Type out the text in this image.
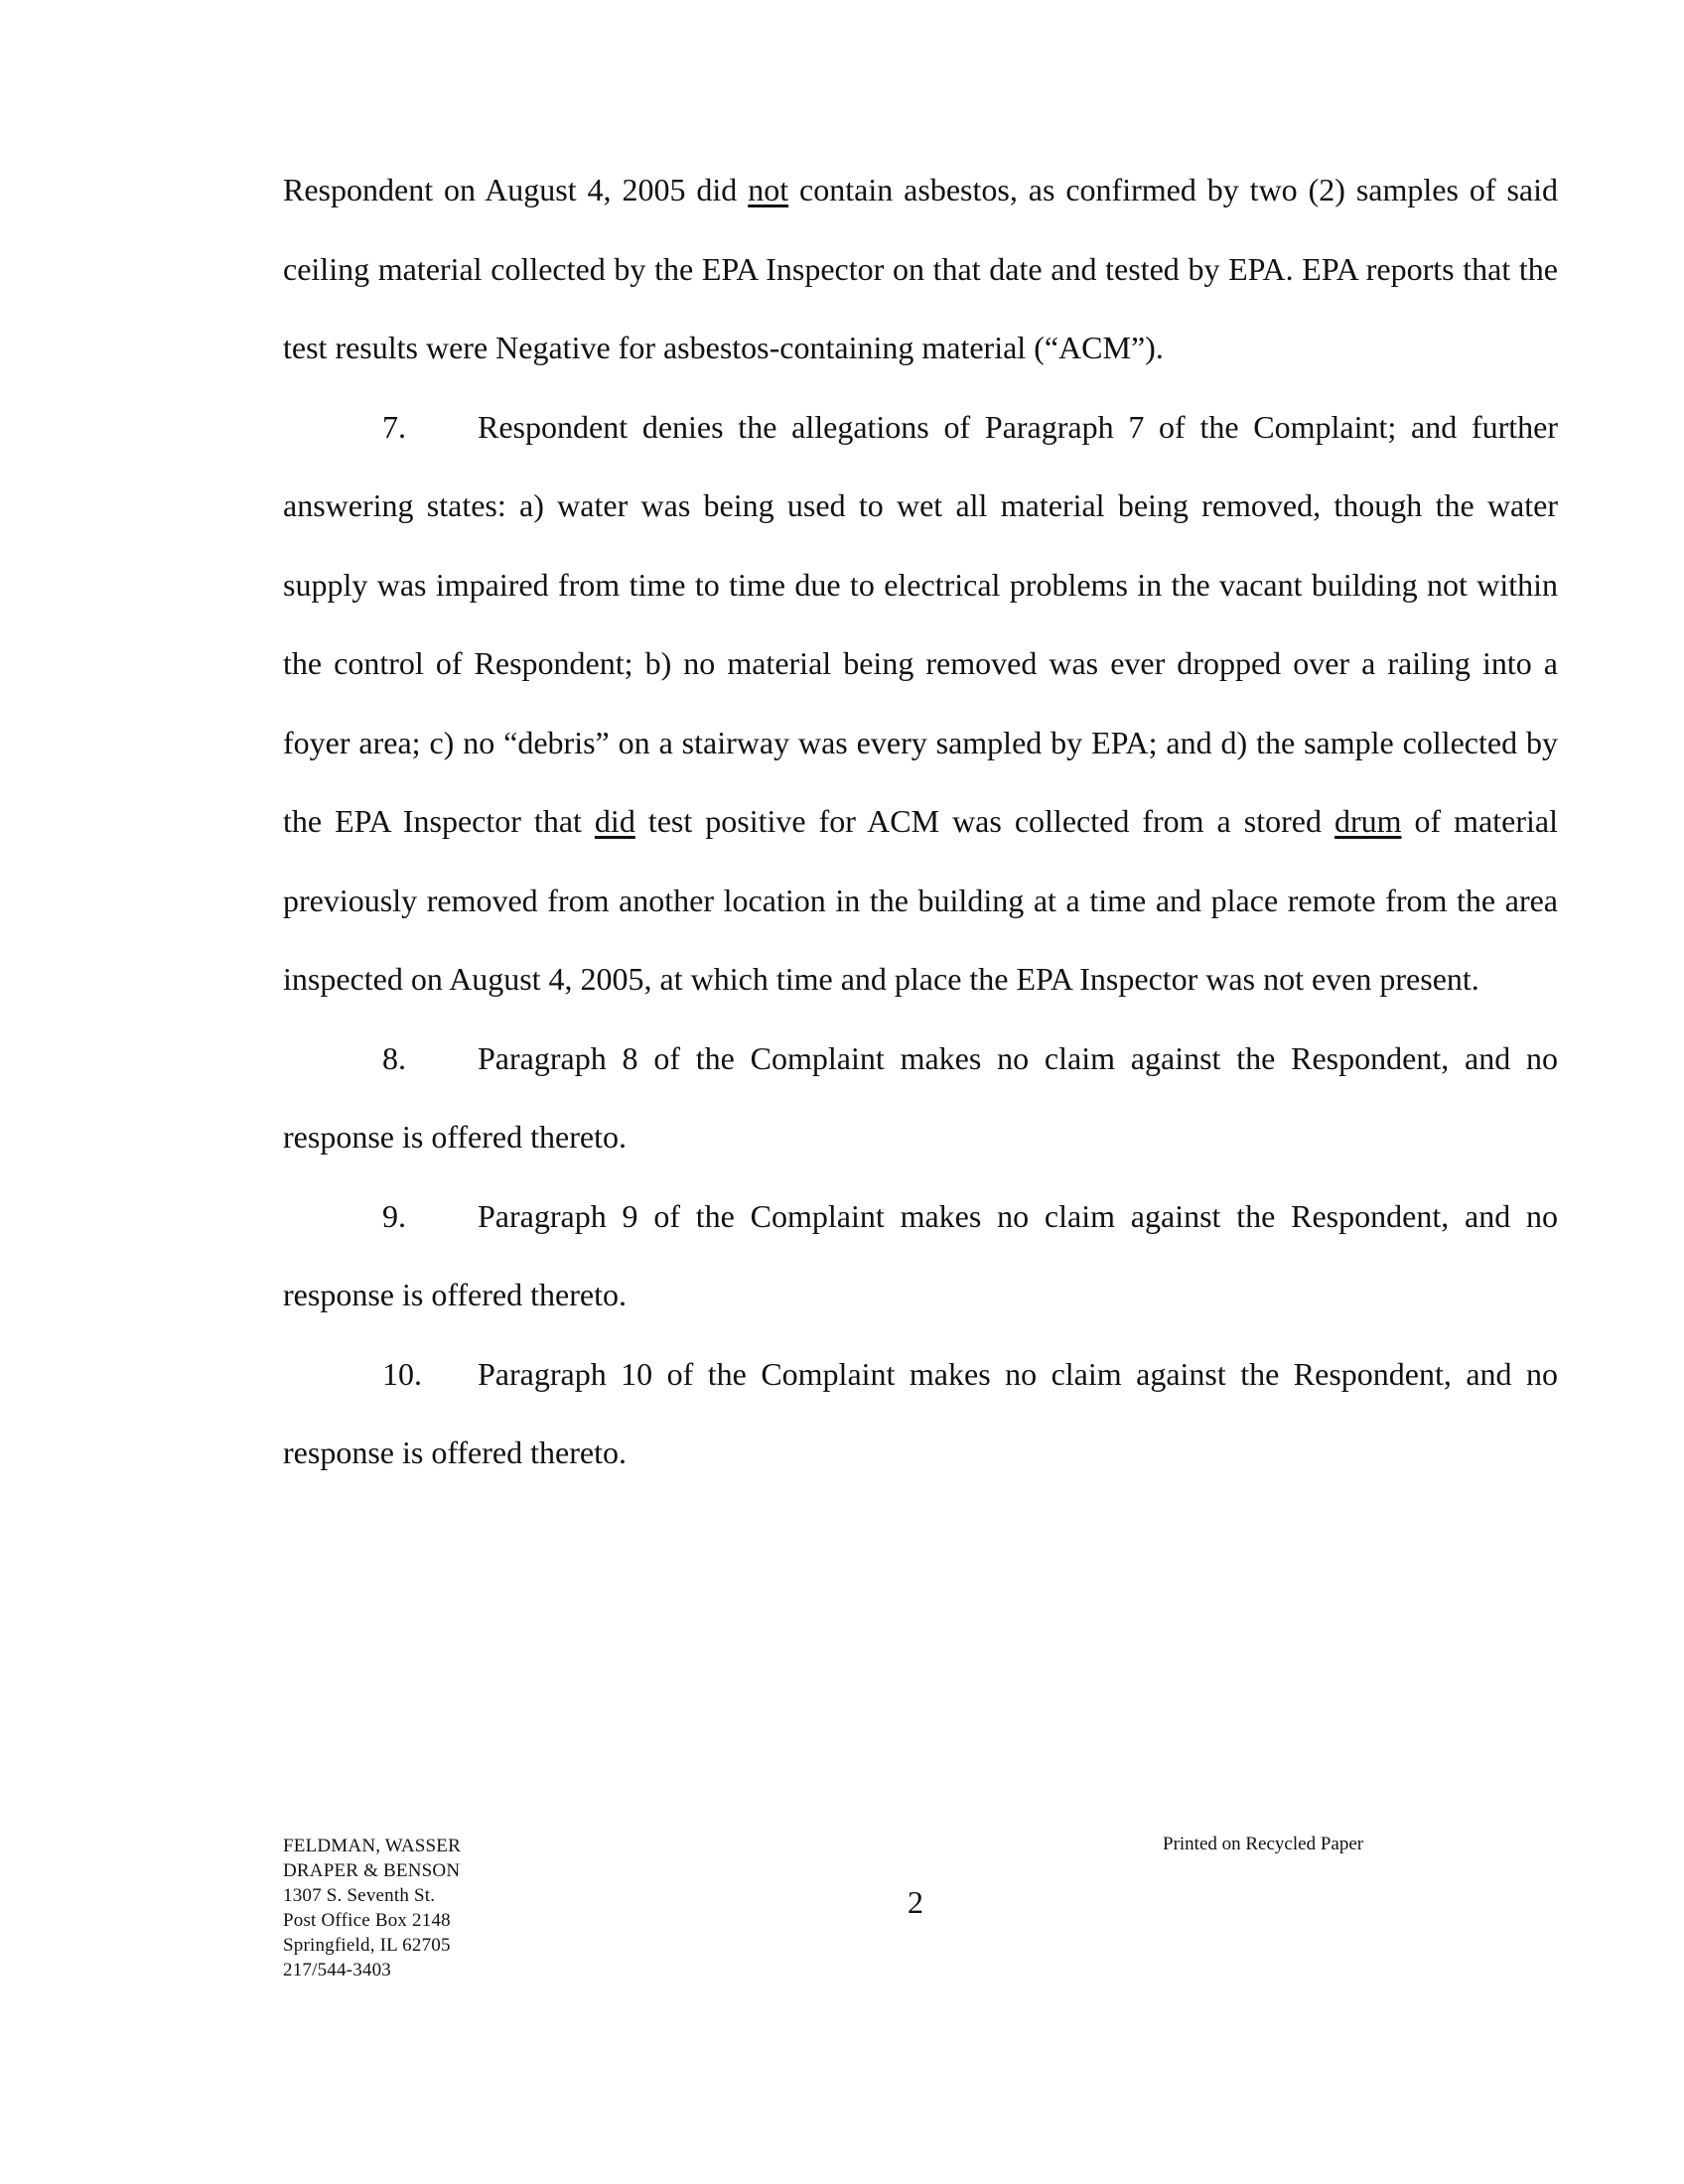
Respondent on August 4, 2005 did not contain asbestos, as confirmed by two (2) samples of said ceiling material collected by the EPA Inspector on that date and tested by EPA. EPA reports that the test results were Negative for asbestos-containing material (“ACM”).

7. Respondent denies the allegations of Paragraph 7 of the Complaint; and further answering states: a) water was being used to wet all material being removed, though the water supply was impaired from time to time due to electrical problems in the vacant building not within the control of Respondent; b) no material being removed was ever dropped over a railing into a foyer area; c) no “debris” on a stairway was every sampled by EPA; and d) the sample collected by the EPA Inspector that did test positive for ACM was collected from a stored drum of material previously removed from another location in the building at a time and place remote from the area inspected on August 4, 2005, at which time and place the EPA Inspector was not even present.

8. Paragraph 8 of the Complaint makes no claim against the Respondent, and no response is offered thereto.

9. Paragraph 9 of the Complaint makes no claim against the Respondent, and no response is offered thereto.

10. Paragraph 10 of the Complaint makes no claim against the Respondent, and no response is offered thereto.

FELDMAN, WASSER
DRAPER & BENSON
1307 S. Seventh St.
Post Office Box 2148
Springfield, IL 62705
217/544-3403
2
Printed on Recycled Paper
